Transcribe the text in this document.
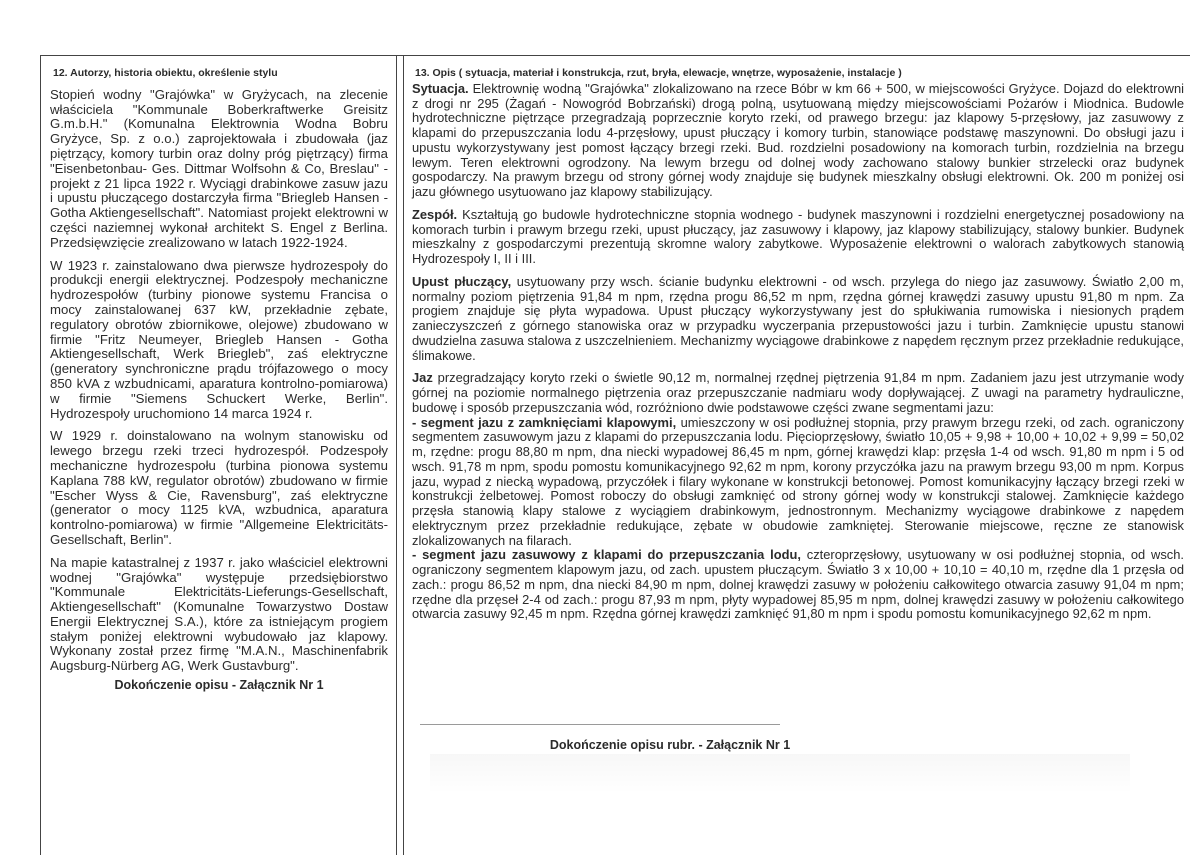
12. Autorzy, historia obiektu, określenie stylu

Stopień wodny "Grajówka" w Gryżycach, na zlecenie właściciela "Kommunale Boberkraftwerke Greisitz G.m.b.H." (Komunalna Elektrownia Wodna Bobru Gryżyce, Sp. z o.o.) zaprojektowała i zbudowała (jaz piętrzący, komory turbin oraz dolny próg piętrzący) firma "Eisenbetonbau- Ges. Dittmar Wolfsohn & Co, Breslau" - projekt z 21 lipca 1922 r. Wyciągi drabinkowe zasuw jazu i upustu płuczącego dostarczyła firma "Briegleb Hansen - Gotha Aktiengesellschaft". Natomiast projekt elektrowni w części naziemnej wykonał architekt S. Engel z Berlina. Przedsięwzięcie zrealizowano w latach 1922-1924.

W 1923 r. zainstalowano dwa pierwsze hydrozespoły do produkcji energii elektrycznej. Podzespoły mechaniczne hydrozespołów (turbiny pionowe systemu Francisa o mocy zainstalowanej 637 kW, przekładnie zębate, regulatory obrotów zbiornikowe, olejowe) zbudowano w firmie "Fritz Neumeyer, Briegleb Hansen - Gotha Aktiengesellschaft, Werk Briegleb", zaś elektryczne (generatory synchroniczne prądu trójfazowego o mocy 850 kVA z wzbudnicami, aparatura kontrolno-pomiarowa) w firmie "Siemens Schuckert Werke, Berlin". Hydrozespoły uruchomiono 14 marca 1924 r.

W 1929 r. doinstalowano na wolnym stanowisku od lewego brzegu rzeki trzeci hydrozespół. Podzespoły mechaniczne hydrozespołu (turbina pionowa systemu Kaplana 788 kW, regulator obrotów) zbudowano w firmie "Escher Wyss & Cie, Ravensburg", zaś elektryczne (generator o mocy 1125 kVA, wzbudnica, aparatura kontrolno-pomiarowa) w firmie "Allgemeine Elektricitäts-Gesellschaft, Berlin".

Na mapie katastralnej z 1937 r. jako właściciel elektrowni wodnej "Grajówka" występuje przedsiębiorstwo "Kommunale Elektricitäts-Lieferungs-Gesellschaft, Aktiengesellschaft" (Komunalne Towarzystwo Dostaw Energii Elektrycznej S.A.), które za istniejącym progiem stałym poniżej elektrowni wybudowało jaz klapowy. Wykonany został przez firmę "M.A.N., Maschinenfabrik Augsburg-Nürberg AG, Werk Gustavburg".

Dokończenie opisu - Załącznik Nr 1
13. Opis ( sytuacja, materiał i konstrukcja, rzut, bryła, elewacje, wnętrze, wyposażenie, instalacje )

Sytuacja. Elektrownię wodną "Grajówka" zlokalizowano na rzece Bóbr w km 66 + 500, w miejscowości Gryżyce. Dojazd do elektrowni z drogi nr 295 (Żagań - Nowogród Bobrzański) drogą polną, usytuowaną między miejscowościami Pożarów i Miodnica. Budowle hydrotechniczne piętrzące przegradzają poprzecznie koryto rzeki, od prawego brzegu: jaz klapowy 5-przęsłowy, jaz zasuwowy z klapami do przepuszczania lodu 4-przęsłowy, upust płuczący i komory turbin, stanowiące podstawę maszynowni. Do obsługi jazu i upustu wykorzystywany jest pomost łączący brzegi rzeki. Bud. rozdzielni posadowiony na komorach turbin, rozdzielnia na brzegu lewym. Teren elektrowni ogrodzony. Na lewym brzegu od dolnej wody zachowano stalowy bunkier strzelecki oraz budynek gospodarczy. Na prawym brzegu od strony górnej wody znajduje się budynek mieszkalny obsługi elektrowni. Ok. 200 m poniżej osi jazu głównego usytuowano jaz klapowy stabilizujący.

Zespół. Kształtują go budowle hydrotechniczne stopnia wodnego - budynek maszynowni i rozdzielni energetycznej posadowiony na komorach turbin i prawym brzegu rzeki, upust płuczący, jaz zasuwowy i klapowy, jaz klapowy stabilizujący, stalowy bunkier. Budynek mieszkalny z gospodarczymi prezentują skromne walory zabytkowe. Wyposażenie elektrowni o walorach zabytkowych stanowią Hydrozespoły I, II i III.

Upust płuczący, usytuowany przy wsch. ścianie budynku elektrowni - od wsch. przylega do niego jaz zasuwowy. Światło 2,00 m, normalny poziom piętrzenia 91,84 m npm, rzędna progu 86,52 m npm, rzędna górnej krawędzi zasuwy upustu 91,80 m npm. Za progiem znajduje się płyta wypadowa. Upust płuczący wykorzystywany jest do spłukiwania rumowiska i niesionych prądem zanieczyszczeń z górnego stanowiska oraz w przypadku wyczerpania przepustowości jazu i turbin. Zamknięcie upustu stanowi dwudzielna zasuwa stalowa z uszczelnieniem. Mechanizmy wyciągowe drabinkowe z napędem ręcznym przez przekładnie redukujące, ślimakowe.

Jaz przegradzający koryto rzeki o świetle 90,12 m, normalnej rzędnej piętrzenia 91,84 m npm. Zadaniem jazu jest utrzymanie wody górnej na poziomie normalnego piętrzenia oraz przepuszczanie nadmiaru wody dopływającej. Z uwagi na parametry hydrauliczne, budowę i sposób przepuszczania wód, rozróżniono dwie podstawowe części zwane segmentami jazu:

- segment jazu z zamknięciami klapowymi, umieszczony w osi podłużnej stopnia, przy prawym brzegu rzeki, od zach. ograniczony segmentem zasuwowym jazu z klapami do przepuszczania lodu. Pięcioprzęsłowy, światło 10,05 + 9,98 + 10,00 + 10,02 + 9,99 = 50,02 m, rzędne: progu 88,80 m npm, dna niecki wypadowej 86,45 m npm, górnej krawędzi klap: przęsła 1-4 od wsch. 91,80 m npm i 5 od wsch. 91,78 m npm, spodu pomostu komunikacyjnego 92,62 m npm, korony przyczółka jazu na prawym brzegu 93,00 m npm. Korpus jazu, wypad z niecką wypadową, przyczółek i filary wykonane w konstrukcji betonowej. Pomost komunikacyjny łączący brzegi rzeki w konstrukcji żelbetowej. Pomost roboczy do obsługi zamknięć od strony górnej wody w konstrukcji stalowej. Zamknięcie każdego przęsła stanowią klapy stalowe z wyciągiem drabinkowym, jednostronnym. Mechanizmy wyciągowe drabinkowe z napędem elektrycznym przez przekładnie redukujące, zębate w obudowie zamkniętej. Sterowanie miejscowe, ręczne ze stanowisk zlokalizowanych na filarach.

- segment jazu zasuwowy z klapami do przepuszczania lodu, czteroprzęsłowy, usytuowany w osi podłużnej stopnia, od wsch. ograniczony segmentem klapowym jazu, od zach. upustem płuczącym. Światło 3 x 10,00 + 10,10 = 40,10 m, rzędne dla 1 przęsła od zach.: progu 86,52 m npm, dna niecki 84,90 m npm, dolnej krawędzi zasuwy w położeniu całkowitego otwarcia zasuwy 91,04 m npm; rzędne dla przęseł 2-4 od zach.: progu 87,93 m npm, płyty wypadowej 85,95 m npm, dolnej krawędzi zasuwy w położeniu całkowitego otwarcia zasuwy 92,45 m npm. Rzędna górnej krawędzi zamknięć 91,80 m npm i spodu pomostu komunikacyjnego 92,62 m npm.

Dokończenie opisu rubr. - Załącznik Nr 1
